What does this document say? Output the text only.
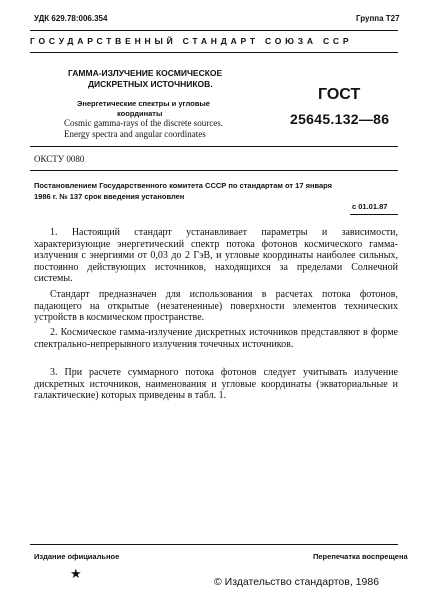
УДК 629.78:006.354	Группа Т27
ГОСУДАРСТВЕННЫЙ СТАНДАРТ СОЮЗА ССР
ГАММА-ИЗЛУЧЕНИЕ КОСМИЧЕСКОЕ
ДИСКРЕТНЫХ ИСТОЧНИКОВ.
Энергетические спектры и угловые
координаты
Cosmic gamma-rays of the discrete sources.
Energy spectra and angular coordinates
ГОСТ
25645.132—86
ОКСТУ 0080
Постановлением Государственного комитета СССР по стандартам от 17 января
1986 г. № 137 срок введения установлен
с 01.01.87
1. Настоящий стандарт устанавливает параметры и зависимости, характеризующие энергетический спектр потока фотонов космического гамма-излучения с энергиями от 0,03 до 2 ГэВ, и угловые координаты наиболее сильных, постоянно действующих источников, находящихся за пределами Солнечной системы.
Стандарт предназначен для использования в расчетах потока фотонов, падающего на открытые (незатененные) поверхности элементов технических устройств в космическом пространстве.
2. Космическое гамма-излучение дискретных источников представляют в форме спектрально-непрерывного излучения точечных источников.
3. При расчете суммарного потока фотонов следует учитывать излучение дискретных источников, наименования и угловые координаты (экваториальные и галактические) которых приведены в табл. 1.
Издание официальное	Перепечатка воспрещена
★
© Издательство стандартов, 1986
